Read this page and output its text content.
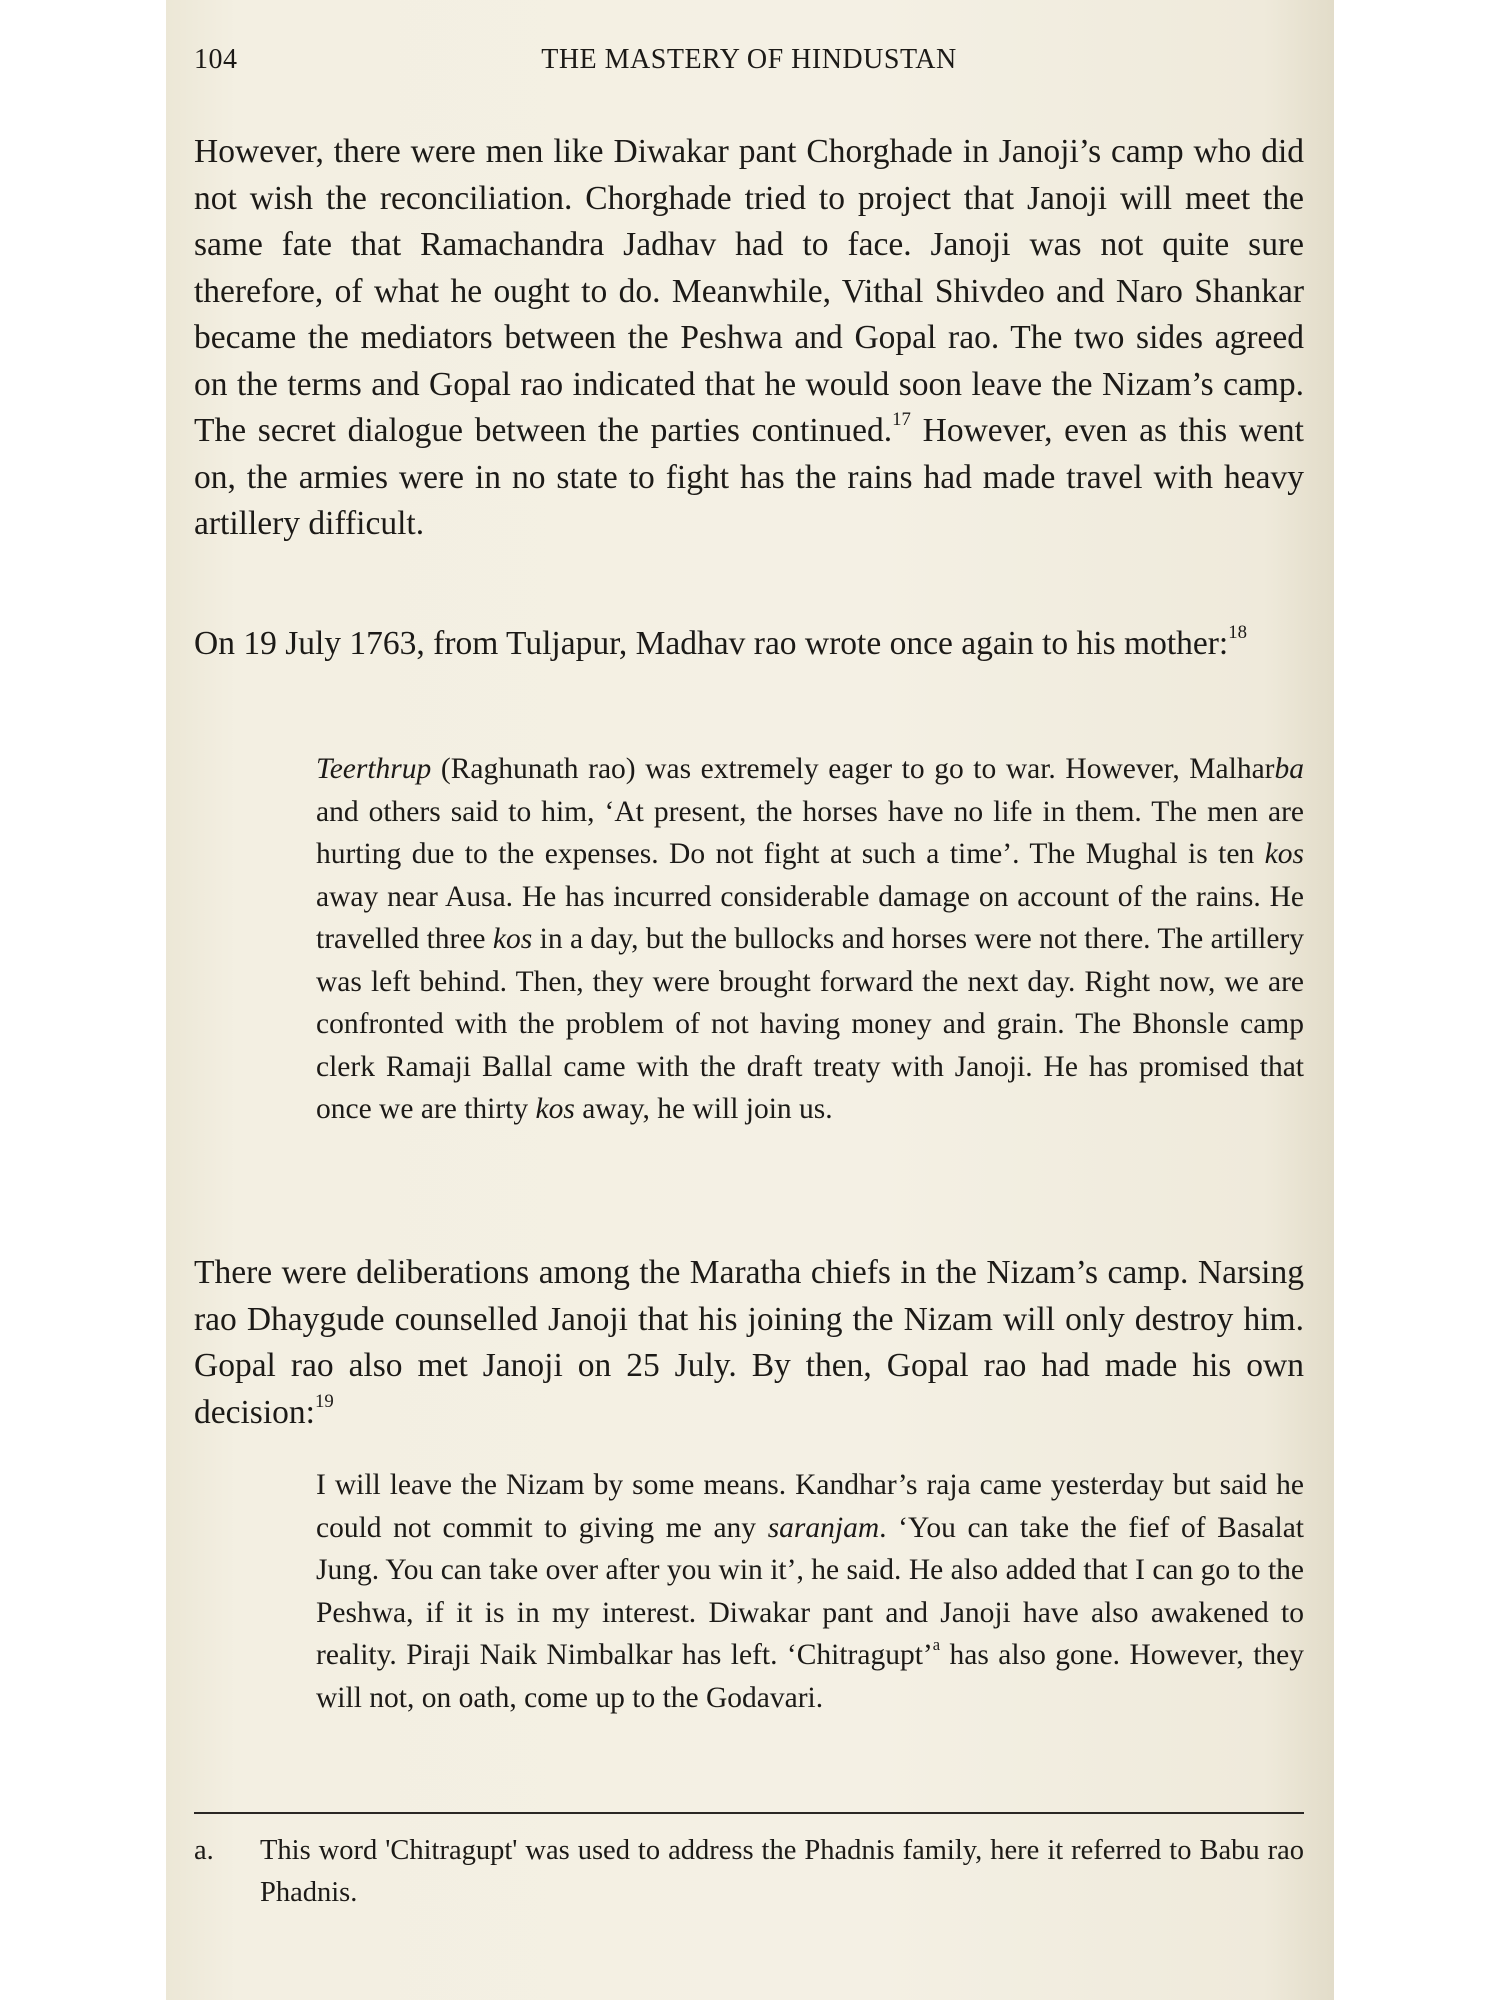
104	THE MASTERY OF HINDUSTAN

However, there were men like Diwakar pant Chorghade in Janoji’s camp who did not wish the reconciliation. Chorghade tried to project that Janoji will meet the same fate that Ramachandra Jadhav had to face. Janoji was not quite sure therefore, of what he ought to do. Meanwhile, Vithal Shivdeo and Naro Shankar became the mediators between the Peshwa and Gopal rao. The two sides agreed on the terms and Gopal rao indicated that he would soon leave the Nizam’s camp. The secret dialogue between the parties continued.$^{17}$ However, even as this went on, the armies were in no state to fight has the rains had made travel with heavy artillery difficult.

On 19 July 1763, from Tuljapur, Madhav rao wrote once again to his mother:$^{18}$

Teerthrup (Raghunath rao) was extremely eager to go to war. However, Malharba and others said to him, ‘At present, the horses have no life in them. The men are hurting due to the expenses. Do not fight at such a time’. The Mughal is ten kos away near Ausa. He has incurred considerable damage on account of the rains. He travelled three kos in a day, but the bullocks and horses were not there. The artillery was left behind. Then, they were brought forward the next day. Right now, we are confronted with the problem of not having money and grain. The Bhonsle camp clerk Ramaji Ballal came with the draft treaty with Janoji. He has promised that once we are thirty kos away, he will join us.

There were deliberations among the Maratha chiefs in the Nizam’s camp. Narsing rao Dhaygude counselled Janoji that his joining the Nizam will only destroy him. Gopal rao also met Janoji on 25 July. By then, Gopal rao had made his own decision:$^{19}$

I will leave the Nizam by some means. Kandhar’s raja came yesterday but said he could not commit to giving me any saranjam. ‘You can take the fief of Basalat Jung. You can take over after you win it’, he said. He also added that I can go to the Peshwa, if it is in my interest. Diwakar pant and Janoji have also awakened to reality. Piraji Naik Nimbalkar has left. ‘Chitragupt’$^a$ has also gone. However, they will not, on oath, come up to the Godavari.

a. This word 'Chitragupt' was used to address the Phadnis family, here it referred to Babu rao Phadnis.
